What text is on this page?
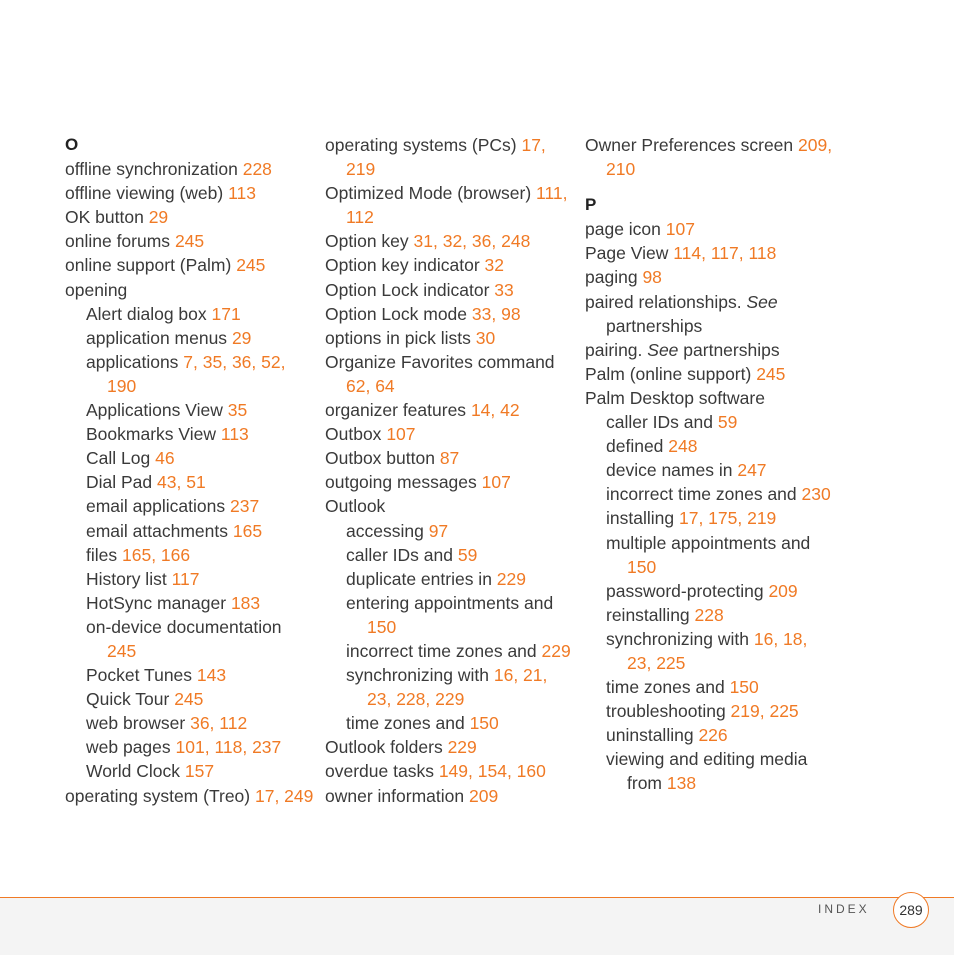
O
offline synchronization 228
offline viewing (web) 113
OK button 29
online forums 245
online support (Palm) 245
opening
Alert dialog box 171
application menus 29
applications 7, 35, 36, 52, 190
Applications View 35
Bookmarks View 113
Call Log 46
Dial Pad 43, 51
email applications 237
email attachments 165
files 165, 166
History list 117
HotSync manager 183
on-device documentation 245
Pocket Tunes 143
Quick Tour 245
web browser 36, 112
web pages 101, 118, 237
World Clock 157
operating system (Treo) 17, 249
operating systems (PCs) 17, 219
Optimized Mode (browser) 111, 112
Option key 31, 32, 36, 248
Option key indicator 32
Option Lock indicator 33
Option Lock mode 33, 98
options in pick lists 30
Organize Favorites command 62, 64
organizer features 14, 42
Outbox 107
Outbox button 87
outgoing messages 107
Outlook
accessing 97
caller IDs and 59
duplicate entries in 229
entering appointments and 150
incorrect time zones and 229
synchronizing with 16, 21, 23, 228, 229
time zones and 150
Outlook folders 229
overdue tasks 149, 154, 160
owner information 209
Owner Preferences screen 209, 210
P
page icon 107
Page View 114, 117, 118
paging 98
paired relationships. See partnerships
pairing. See partnerships
Palm (online support) 245
Palm Desktop software
caller IDs and 59
defined 248
device names in 247
incorrect time zones and 230
installing 17, 175, 219
multiple appointments and 150
password-protecting 209
reinstalling 228
synchronizing with 16, 18, 23, 225
time zones and 150
troubleshooting 219, 225
uninstalling 226
viewing and editing media from 138
INDEX	289
